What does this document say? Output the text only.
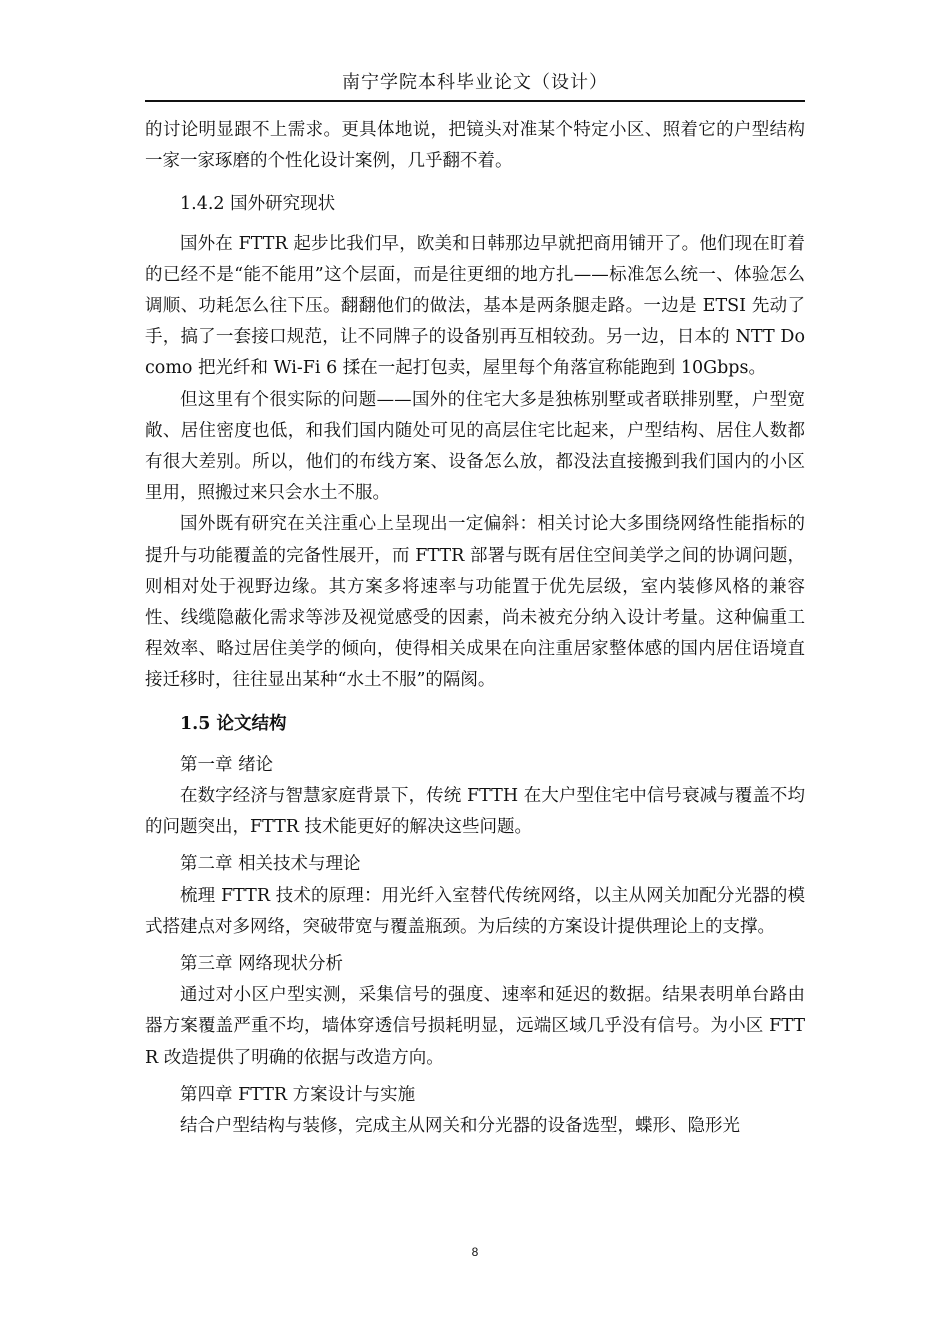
南宁学院本科毕业论文（设计）

的讨论明显跟不上需求。更具体地说，把镜头对准某个特定小区、照着它的户型结构一家一家琢磨的个性化设计案例，几乎翻不着。

1.4.2 国外研究现状

国外在 FTTR 起步比我们早，欧美和日韩那边早就把商用铺开了。他们现在盯着的已经不是“能不能用”这个层面，而是往更细的地方扎——标准怎么统一、体验怎么调顺、功耗怎么往下压。翻翻他们的做法，基本是两条腿走路。一边是 ETSI 先动了手，搞了一套接口规范，让不同牌子的设备别再互相较劲。另一边，日本的 NTT Docomo 把光纤和 Wi-Fi 6 揉在一起打包卖，屋里每个角落宣称能跑到 10Gbps。

但这里有个很实际的问题——国外的住宅大多是独栋别墅或者联排别墅，户型宽敞、居住密度也低，和我们国内随处可见的高层住宅比起来，户型结构、居住人数都有很大差别。所以，他们的布线方案、设备怎么放，都没法直接搬到我们国内的小区里用，照搬过来只会水土不服。

国外既有研究在关注重心上呈现出一定偏斜：相关讨论大多围绕网络性能指标的提升与功能覆盖的完备性展开，而 FTTR 部署与既有居住空间美学之间的协调问题，则相对处于视野边缘。其方案多将速率与功能置于优先层级，室内装修风格的兼容性、线缆隐蔽化需求等涉及视觉感受的因素，尚未被充分纳入设计考量。这种偏重工程效率、略过居住美学的倾向，使得相关成果在向注重居家整体感的国内居住语境直接迁移时，往往显出某种“水土不服”的隔阂。

1.5 论文结构

第一章 绪论

在数字经济与智慧家庭背景下，传统 FTTH 在大户型住宅中信号衰减与覆盖不均的问题突出，FTTR 技术能更好的解决这些问题。

第二章 相关技术与理论

梳理 FTTR 技术的原理：用光纤入室替代传统网络，以主从网关加配分光器的模式搭建点对多网络，突破带宽与覆盖瓶颈。为后续的方案设计提供理论上的支撑。

第三章 网络现状分析

通过对小区户型实测，采集信号的强度、速率和延迟的数据。结果表明单台路由器方案覆盖严重不均，墙体穿透信号损耗明显，远端区域几乎没有信号。为小区 FTTR 改造提供了明确的依据与改造方向。

第四章 FTTR 方案设计与实施

结合户型结构与装修，完成主从网关和分光器的设备选型，蝶形、隐形光

8
